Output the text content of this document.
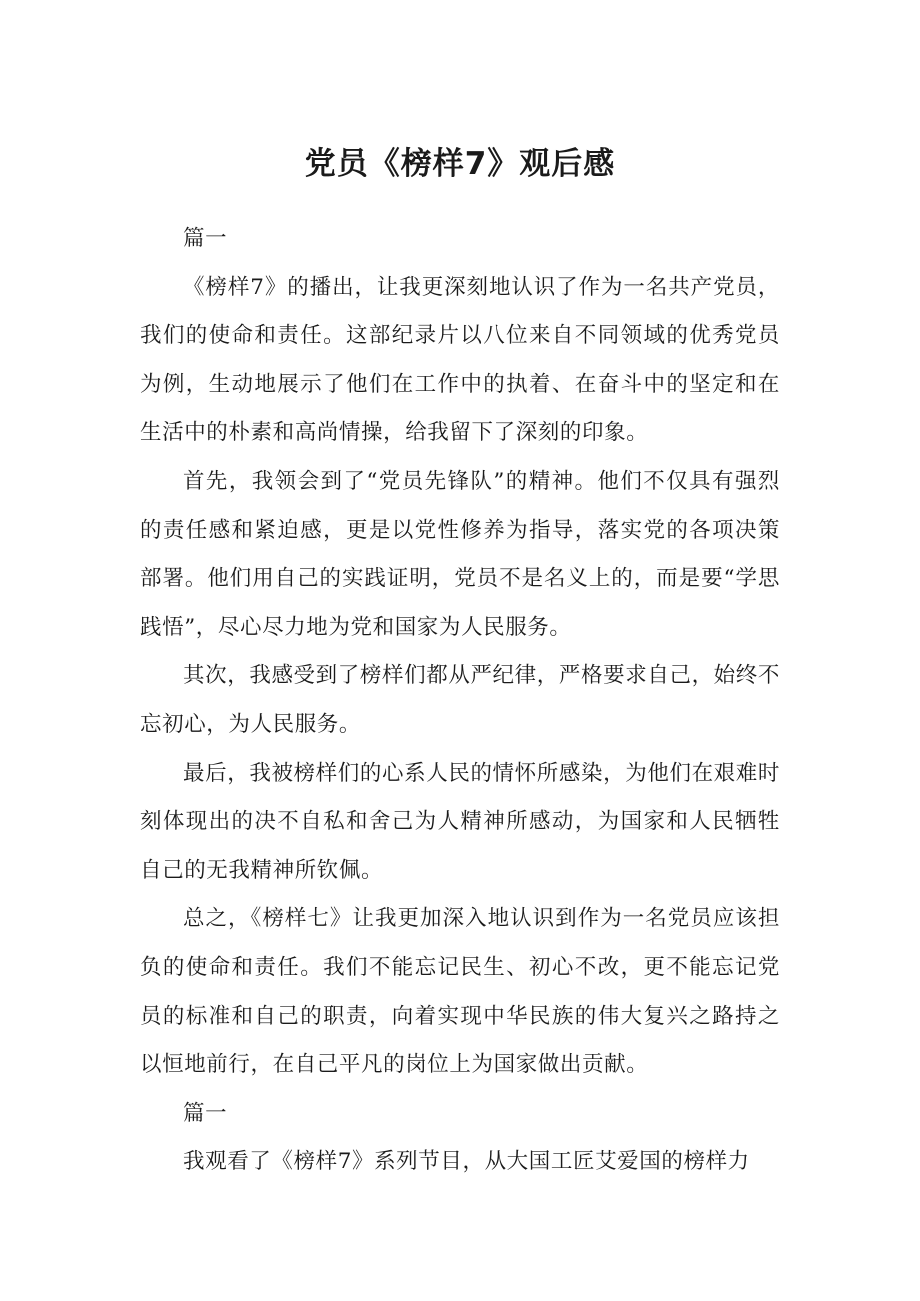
党员《榜样7》观后感

篇一

《榜样7》的播出，让我更深刻地认识了作为一名共产党员，我们的使命和责任。这部纪录片以八位来自不同领域的优秀党员为例，生动地展示了他们在工作中的执着、在奋斗中的坚定和在生活中的朴素和高尚情操，给我留下了深刻的印象。

首先，我领会到了“党员先锋队”的精神。他们不仅具有强烈的责任感和紧迫感，更是以党性修养为指导，落实党的各项决策部署。他们用自己的实践证明，党员不是名义上的，而是要“学思践悟”，尽心尽力地为党和国家为人民服务。

其次，我感受到了榜样们都从严纪律，严格要求自己，始终不忘初心，为人民服务。

最后，我被榜样们的心系人民的情怀所感染，为他们在艰难时刻体现出的决不自私和舍己为人精神所感动，为国家和人民牺牲自己的无我精神所钦佩。

总之，《榜样七》让我更加深入地认识到作为一名党员应该担负的使命和责任。我们不能忘记民生、初心不改，更不能忘记党员的标准和自己的职责，向着实现中华民族的伟大复兴之路持之以恒地前行，在自己平凡的岗位上为国家做出贡献。

篇一

我观看了《榜样7》系列节目，从大国工匠艾爱国的榜样力
